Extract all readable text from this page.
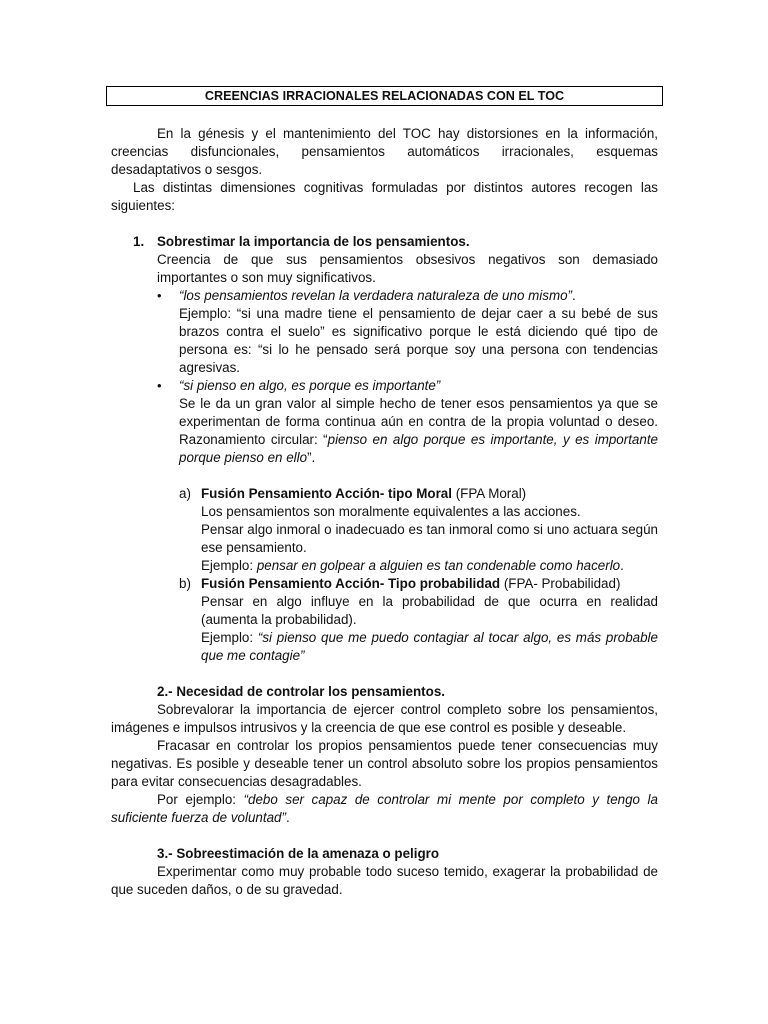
CREENCIAS IRRACIONALES RELACIONADAS CON EL TOC

En la génesis y el mantenimiento del TOC hay distorsiones en la información, creencias disfuncionales, pensamientos automáticos irracionales, esquemas desadaptativos o sesgos.

Las distintas dimensiones cognitivas formuladas por distintos autores recogen las siguientes:

1. Sobrestimar la importancia de los pensamientos.

Creencia de que sus pensamientos obsesivos negativos son demasiado importantes o son muy significativos.

• “los pensamientos revelan la verdadera naturaleza de uno mismo”.

Ejemplo: “si una madre tiene el pensamiento de dejar caer a su bebé de sus brazos contra el suelo” es significativo porque le está diciendo qué tipo de persona es: “si lo he pensado será porque soy una persona con tendencias agresivas.

• “si pienso en algo, es porque es importante”

Se le da un gran valor al simple hecho de tener esos pensamientos ya que se experimentan de forma continua aún en contra de la propia voluntad o deseo. Razonamiento circular: “pienso en algo porque es importante, y es importante porque pienso en ello”.

a) Fusión Pensamiento Acción- tipo Moral (FPA Moral)

Los pensamientos son moralmente equivalentes a las acciones.

Pensar algo inmoral o inadecuado es tan inmoral como si uno actuara según ese pensamiento.

Ejemplo: pensar en golpear a alguien es tan condenable como hacerlo.

b) Fusión Pensamiento Acción- Tipo probabilidad (FPA- Probabilidad)

Pensar en algo influye en la probabilidad de que ocurra en realidad (aumenta la probabilidad).

Ejemplo: “si pienso que me puedo contagiar al tocar algo, es más probable que me contagie”

2.- Necesidad de controlar los pensamientos.

Sobrevalorar la importancia de ejercer control completo sobre los pensamientos, imágenes e impulsos intrusivos y la creencia de que ese control es posible y deseable.

Fracasar en controlar los propios pensamientos puede tener consecuencias muy negativas. Es posible y deseable tener un control absoluto sobre los propios pensamientos para evitar consecuencias desagradables.

Por ejemplo: “debo ser capaz de controlar mi mente por completo y tengo la suficiente fuerza de voluntad”.

3.- Sobreestimación de la amenaza o peligro

Experimentar como muy probable todo suceso temido, exagerar la probabilidad de que suceden daños, o de su gravedad.
